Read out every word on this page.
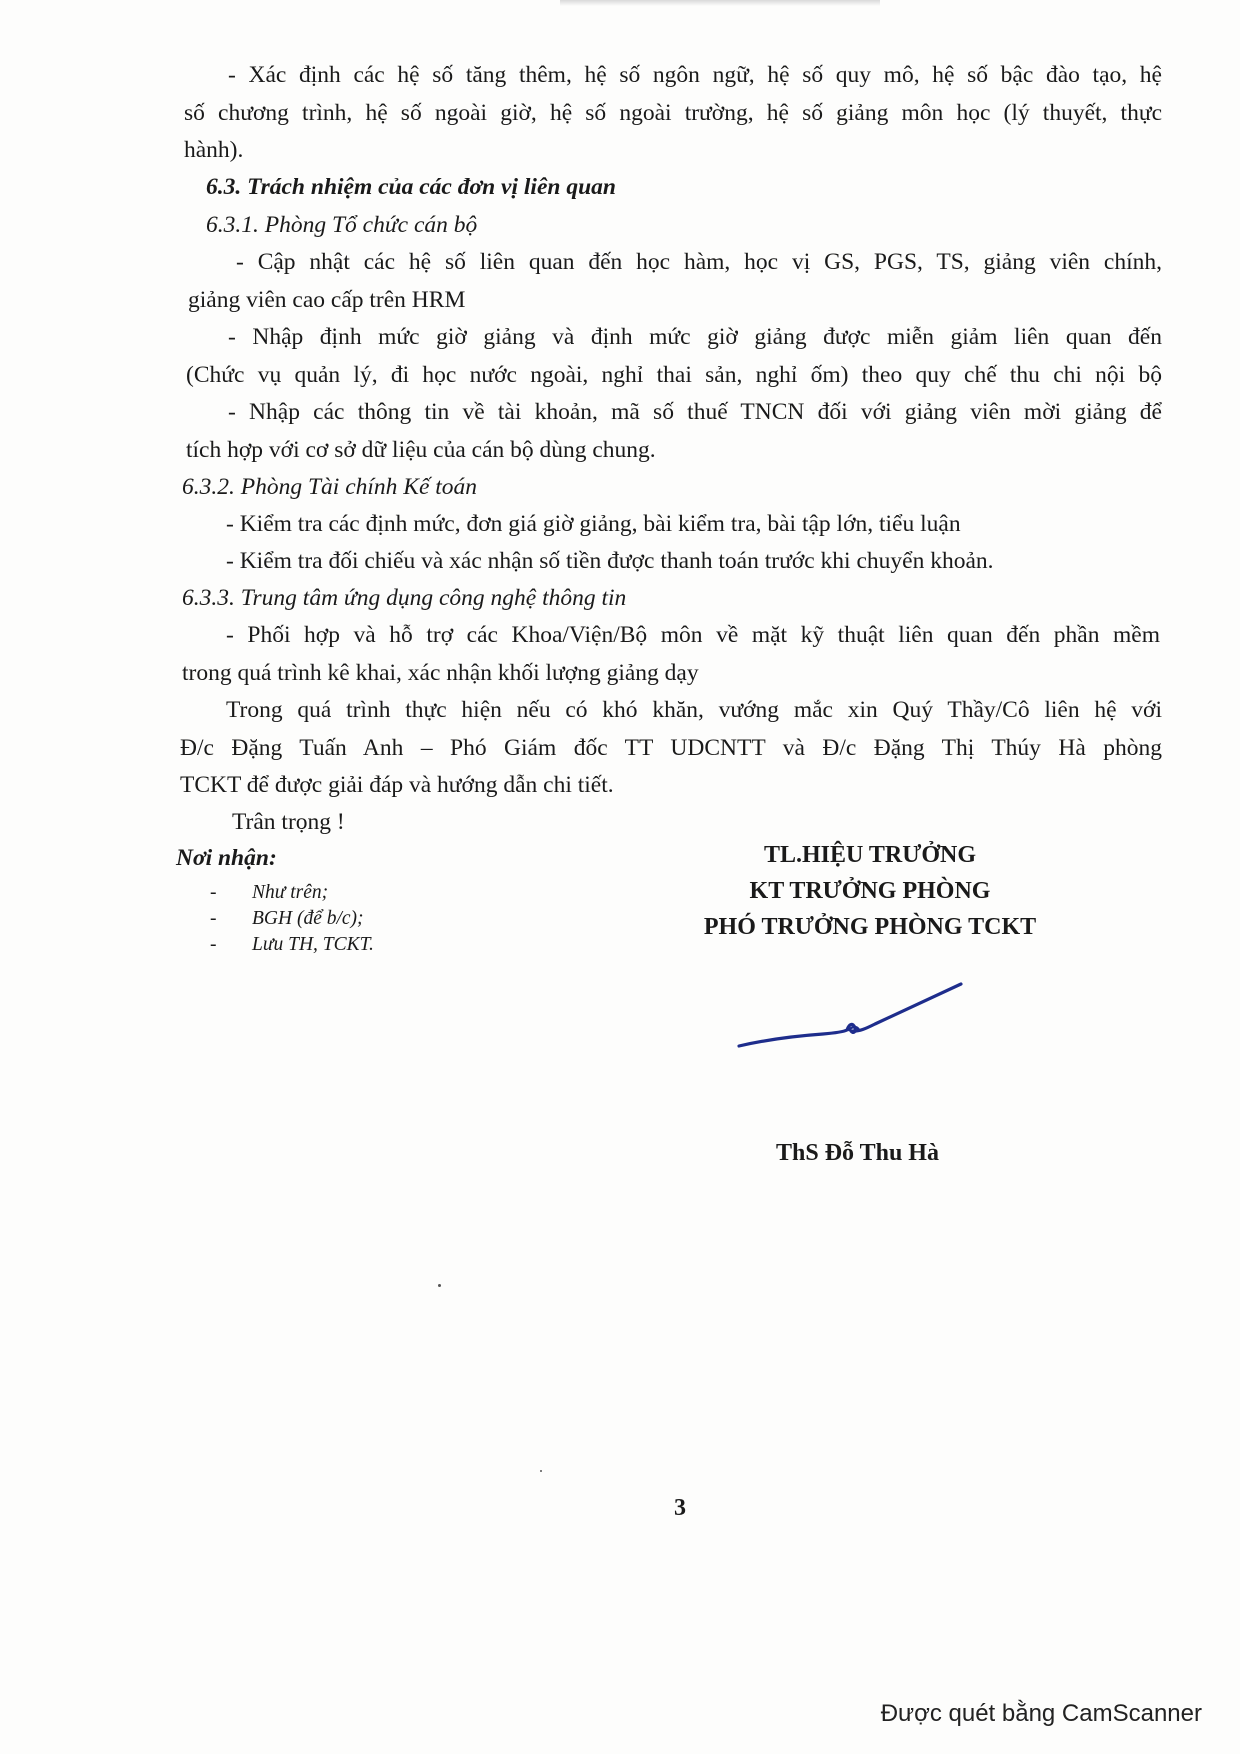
- Xác định các hệ số tăng thêm, hệ số ngôn ngữ, hệ số quy mô, hệ số bậc đào tạo, hệ
số chương trình, hệ số ngoài giờ, hệ số ngoài trường, hệ số giảng môn học (lý thuyết, thực
hành).
6.3. Trách nhiệm của các đơn vị liên quan
6.3.1. Phòng Tổ chức cán bộ
- Cập nhật các hệ số liên quan đến học hàm, học vị GS, PGS, TS, giảng viên chính,
giảng viên cao cấp trên HRM
- Nhập định mức giờ giảng và định mức giờ giảng được miễn giảm liên quan đến
(Chức vụ quản lý, đi học nước ngoài, nghỉ thai sản, nghỉ ốm) theo quy chế thu chi nội bộ
- Nhập các thông tin về tài khoản, mã số thuế TNCN đối với giảng viên mời giảng để
tích hợp với cơ sở dữ liệu của cán bộ dùng chung.
6.3.2. Phòng Tài chính Kế toán
- Kiểm tra các định mức, đơn giá giờ giảng, bài kiểm tra, bài tập lớn, tiểu luận
- Kiểm tra đối chiếu và xác nhận số tiền được thanh toán trước khi chuyển khoản.
6.3.3. Trung tâm ứng dụng công nghệ thông tin
- Phối hợp và hỗ trợ các Khoa/Viện/Bộ môn về mặt kỹ thuật liên quan đến phần mềm
trong quá trình kê khai, xác nhận khối lượng giảng dạy
Trong quá trình thực hiện nếu có khó khăn, vướng mắc xin Quý Thầy/Cô liên hệ với
Đ/c Đặng Tuấn Anh – Phó Giám đốc TT UDCNTT và Đ/c Đặng Thị Thúy Hà phòng
TCKT để được giải đáp và hướng dẫn chi tiết.
Trân trọng !
Nơi nhận:
- Như trên;
- BGH (để b/c);
- Lưu TH, TCKT.
TL.HIỆU TRƯỞNG
KT TRƯỞNG PHÒNG
PHÓ TRƯỞNG PHÒNG TCKT
ThS Đỗ Thu Hà
3
Được quét bằng CamScanner
